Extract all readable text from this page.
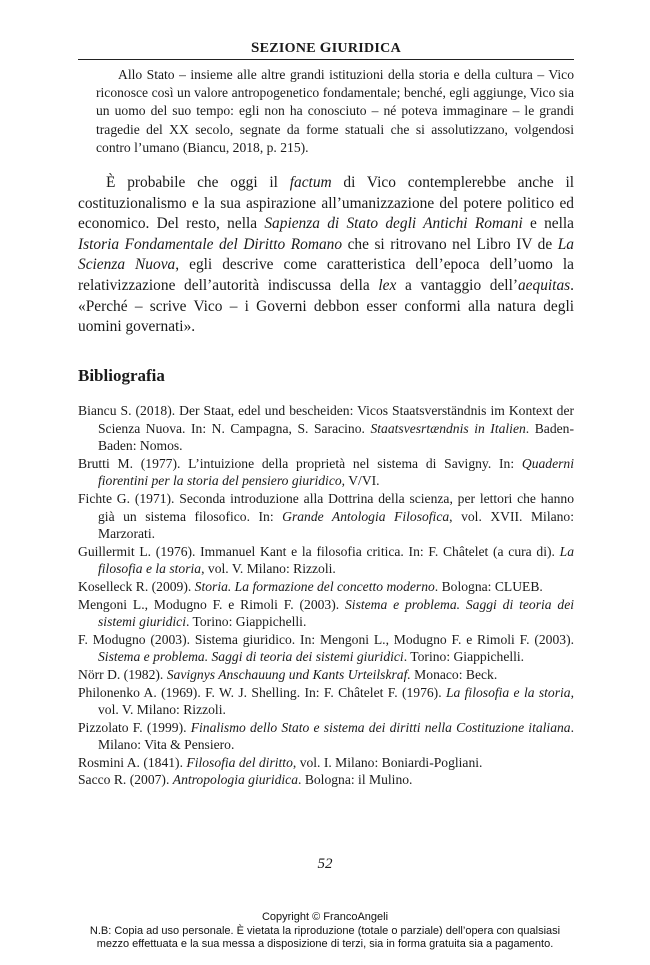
SEZIONE GIURIDICA

Allo Stato – insieme alle altre grandi istituzioni della storia e della cultura – Vico riconosce così un valore antropogenetico fondamentale; benché, egli aggiunge, Vico sia un uomo del suo tempo: egli non ha conosciuto – né poteva immaginare – le grandi tragedie del XX secolo, segnate da forme statuali che si assolutizzano, volgendosi contro l’umano (Biancu, 2018, p. 215).

È probabile che oggi il factum di Vico contemplerebbe anche il costituzionalismo e la sua aspirazione all’umanizzazione del potere politico ed economico. Del resto, nella Sapienza di Stato degli Antichi Romani e nella Istoria Fondamentale del Diritto Romano che si ritrovano nel Libro IV de La Scienza Nuova, egli descrive come caratteristica dell’epoca dell’uomo la relativizzazione dell’autorità indiscussa della lex a vantaggio dell’aequitas. «Perché – scrive Vico – i Governi debbon esser conformi alla natura degli uomini governati».

Bibliografia
Biancu S. (2018). Der Staat, edel und bescheiden: Vicos Staatsverständnis im Kontext der Scienza Nuova. In: N. Campagna, S. Saracino. Staatsvesrtændnis in Italien. Baden-Baden: Nomos.
Brutti M. (1977). L’intuizione della proprietà nel sistema di Savigny. In: Quaderni fiorentini per la storia del pensiero giuridico, V/VI.
Fichte G. (1971). Seconda introduzione alla Dottrina della scienza, per lettori che hanno già un sistema filosofico. In: Grande Antologia Filosofica, vol. XVII. Milano: Marzorati.
Guillermit L. (1976). Immanuel Kant e la filosofia critica. In: F. Châtelet (a cura di). La filosofia e la storia, vol. V. Milano: Rizzoli.
Koselleck R. (2009). Storia. La formazione del concetto moderno. Bologna: CLUEB.
Mengoni L., Modugno F. e Rimoli F. (2003). Sistema e problema. Saggi di teoria dei sistemi giuridici. Torino: Giappichelli.
F. Modugno (2003). Sistema giuridico. In: Mengoni L., Modugno F. e Rimoli F. (2003). Sistema e problema. Saggi di teoria dei sistemi giuridici. Torino: Giappichelli.
Nörr D. (1982). Savignys Anschauung und Kants Urteilskraf. Monaco: Beck.
Philonenko A. (1969). F. W. J. Shelling. In: F. Châtelet F. (1976). La filosofia e la storia, vol. V. Milano: Rizzoli.
Pizzolato F. (1999). Finalismo dello Stato e sistema dei diritti nella Costituzione italiana. Milano: Vita & Pensiero.
Rosmini A. (1841). Filosofia del diritto, vol. I. Milano: Boniardi-Pogliani.
Sacco R. (2007). Antropologia giuridica. Bologna: il Mulino.
52
Copyright © FrancoAngeli
N.B: Copia ad uso personale. È vietata la riproduzione (totale o parziale) dell’opera con qualsiasi
mezzo effettuata e la sua messa a disposizione di terzi, sia in forma gratuita sia a pagamento.
